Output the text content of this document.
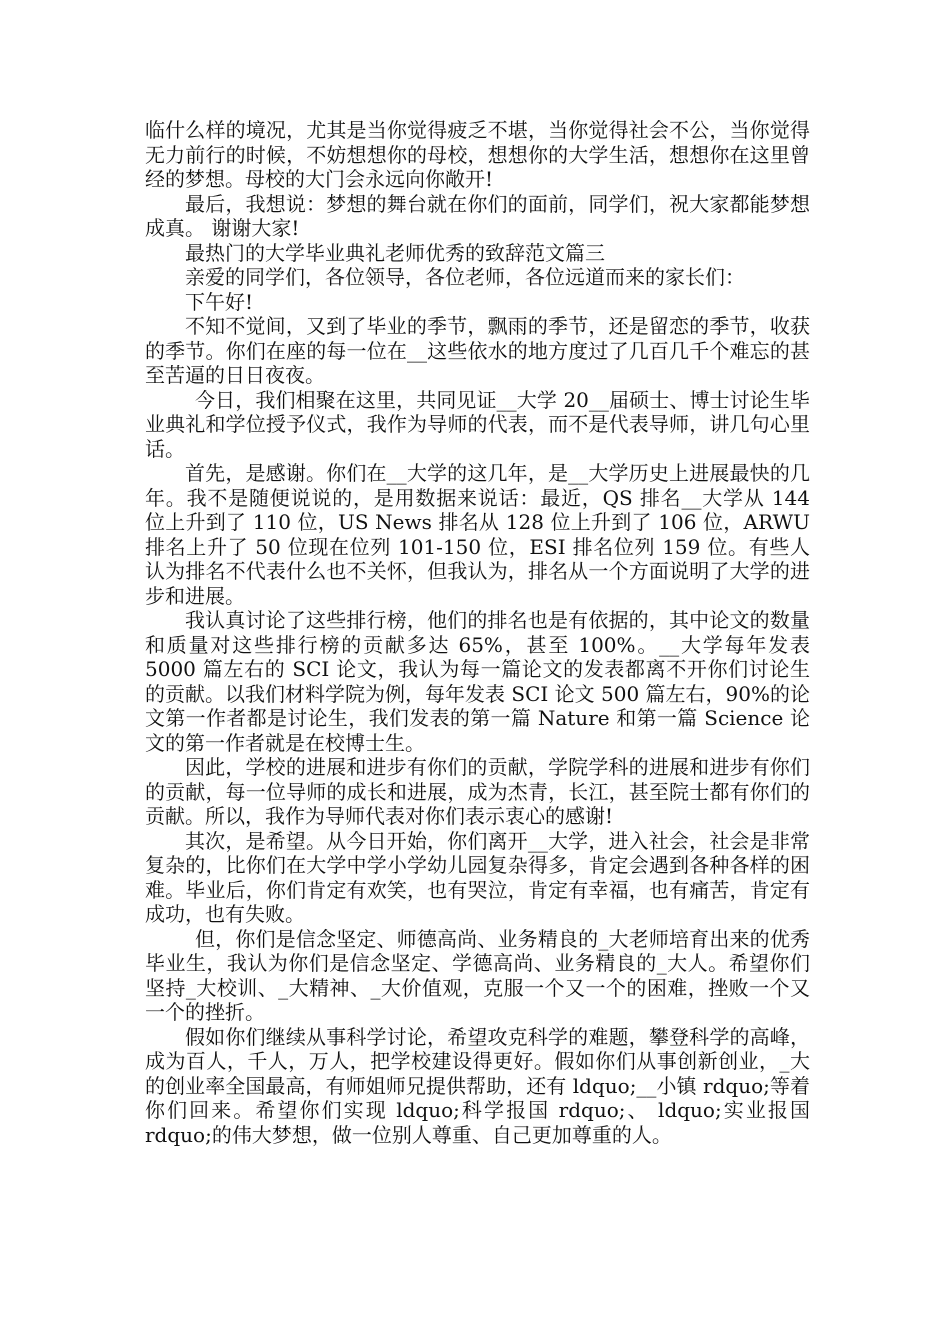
临什么样的境况，尤其是当你觉得疲乏不堪，当你觉得社会不公，当你觉得无力前行的时候，不妨想想你的母校，想想你的大学生活，想想你在这里曾经的梦想。母校的大门会永远向你敞开!

最后，我想说：梦想的舞台就在你们的面前，同学们，祝大家都能梦想成真。 谢谢大家!

最热门的大学毕业典礼老师优秀的致辞范文篇三

亲爱的同学们，各位领导，各位老师，各位远道而来的家长们：

下午好!

不知不觉间，又到了毕业的季节，飘雨的季节，还是留恋的季节，收获的季节。你们在座的每一位在__这些依水的地方度过了几百几千个难忘的甚至苦逼的日日夜夜。

今日，我们相聚在这里，共同见证__大学 20__届硕士、博士讨论生毕业典礼和学位授予仪式，我作为导师的代表，而不是代表导师，讲几句心里话。

首先，是感谢。你们在__大学的这几年，是__大学历史上进展最快的几年。我不是随便说说的，是用数据来说话：最近，QS 排名__大学从 144 位上升到了 110 位，US News 排名从 128 位上升到了 106 位，ARWU 排名上升了 50 位现在位列 101-150 位，ESI 排名位列 159 位。有些人认为排名不代表什么也不关怀，但我认为，排名从一个方面说明了大学的进步和进展。

我认真讨论了这些排行榜，他们的排名也是有依据的，其中论文的数量和质量对这些排行榜的贡献多达 65%，甚至 100%。__大学每年发表 5000 篇左右的 SCI 论文，我认为每一篇论文的发表都离不开你们讨论生的贡献。以我们材料学院为例，每年发表 SCI 论文 500 篇左右，90%的论文第一作者都是讨论生，我们发表的第一篇 Nature 和第一篇 Science 论文的第一作者就是在校博士生。

因此，学校的进展和进步有你们的贡献，学院学科的进展和进步有你们的贡献，每一位导师的成长和进展，成为杰青，长江，甚至院士都有你们的贡献。所以，我作为导师代表对你们表示衷心的感谢!

其次，是希望。从今日开始，你们离开__大学，进入社会，社会是非常复杂的，比你们在大学中学小学幼儿园复杂得多，肯定会遇到各种各样的困难。毕业后，你们肯定有欢笑，也有哭泣，肯定有幸福，也有痛苦，肯定有成功，也有失败。

但，你们是信念坚定、师德高尚、业务精良的_大老师培育出来的优秀毕业生，我认为你们是信念坚定、学德高尚、业务精良的_大人。希望你们坚持_大校训、_大精神、_大价值观，克服一个又一个的困难，挫败一个又一个的挫折。

假如你们继续从事科学讨论，希望攻克科学的难题，攀登科学的高峰，成为百人，千人，万人，把学校建设得更好。假如你们从事创新创业，_大的创业率全国最高，有师姐师兄提供帮助，还有 ldquo;__小镇 rdquo;等着你们回来。希望你们实现 ldquo;科学报国 rdquo;、 ldquo;实业报国 rdquo;的伟大梦想，做一位别人尊重、自己更加尊重的人。
